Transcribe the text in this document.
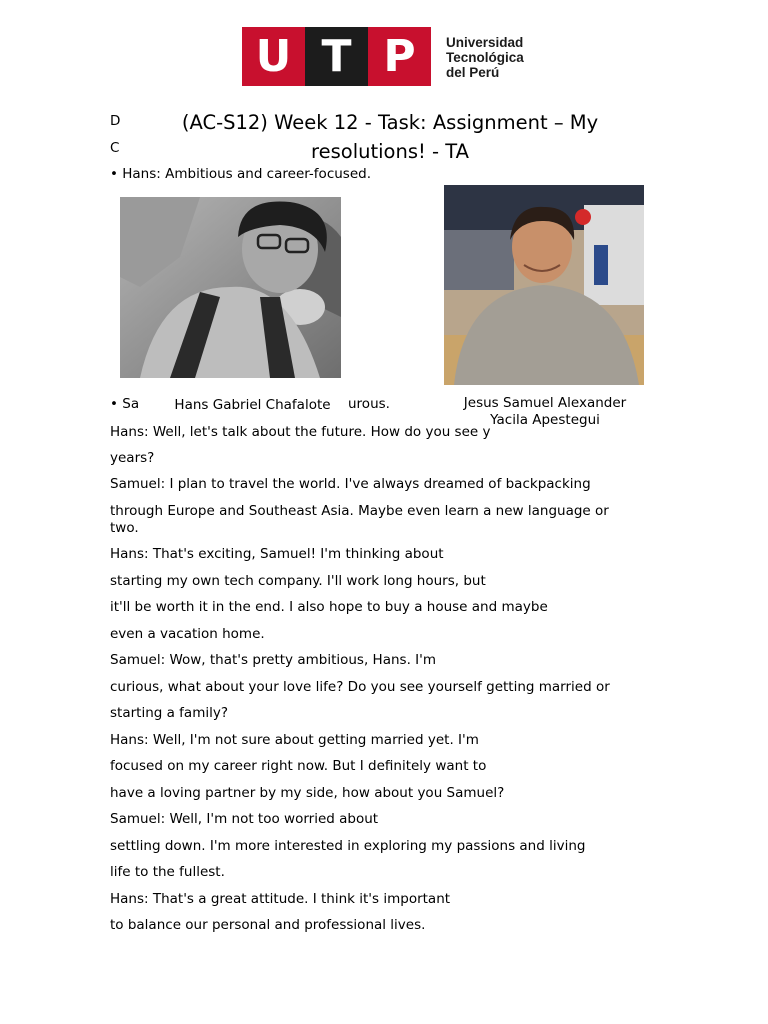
U T P Universidad
Tecnológica
del Perú
D
C
• Hans: Ambitious and career-focused.
(AC-S12) Week 12 - Task: Assignment – My resolutions! - TA
• Sa	urous.
Hans Gabriel Chafalote	Jesus Samuel Alexander Yacila Apestegui
Hans: Well, let's talk about the future. How do you see y
years?
Samuel: I plan to travel the world. I've always dreamed of backpacking
through Europe and Southeast Asia. Maybe even learn a new language or
two.
Hans: That's exciting, Samuel! I'm thinking about
starting my own tech company. I'll work long hours, but
it'll be worth it in the end. I also hope to buy a house and maybe
even a vacation home.
Samuel: Wow, that's pretty ambitious, Hans. I'm
curious, what about your love life? Do you see yourself getting married or
starting a family?
Hans: Well, I'm not sure about getting married yet. I'm
focused on my career right now. But I definitely want to
have a loving partner by my side, how about you Samuel?
Samuel: Well, I'm not too worried about
settling down. I'm more interested in exploring my passions and living
life to the fullest.
Hans: That's a great attitude. I think it's important
to balance our personal and professional lives.
